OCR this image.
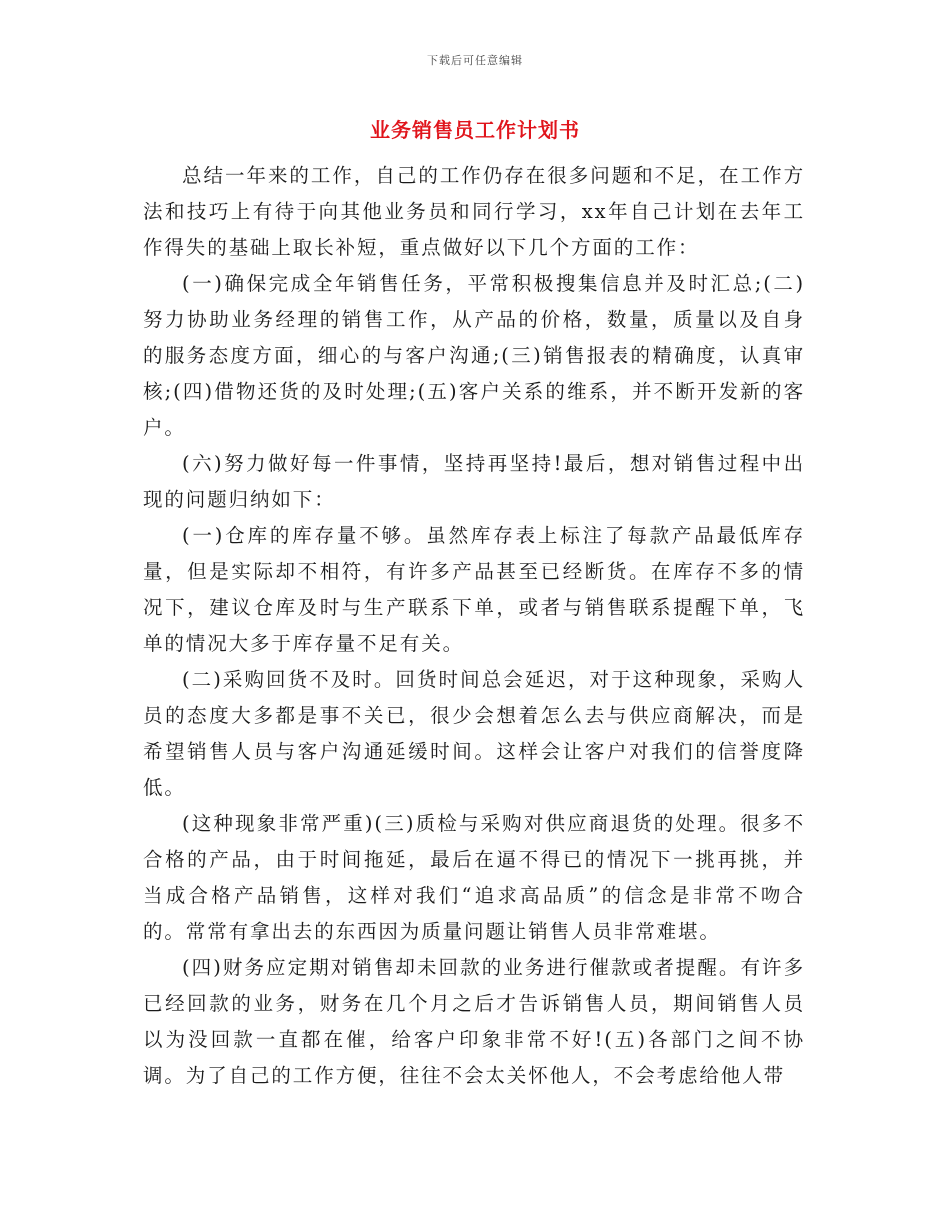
下载后可任意编辑
业务销售员工作计划书

总结一年来的工作，自己的工作仍存在很多问题和不足，在工作方法和技巧上有待于向其他业务员和同行学习，xx年自己计划在去年工作得失的基础上取长补短，重点做好以下几个方面的工作：

(一)确保完成全年销售任务，平常积极搜集信息并及时汇总;(二)努力协助业务经理的销售工作，从产品的价格，数量，质量以及自身的服务态度方面，细心的与客户沟通;(三)销售报表的精确度，认真审核;(四)借物还货的及时处理;(五)客户关系的维系，并不断开发新的客户。

(六)努力做好每一件事情，坚持再坚持!最后，想对销售过程中出现的问题归纳如下：

(一)仓库的库存量不够。虽然库存表上标注了每款产品最低库存量，但是实际却不相符，有许多产品甚至已经断货。在库存不多的情况下，建议仓库及时与生产联系下单，或者与销售联系提醒下单，飞单的情况大多于库存量不足有关。

(二)采购回货不及时。回货时间总会延迟，对于这种现象，采购人员的态度大多都是事不关已，很少会想着怎么去与供应商解决，而是希望销售人员与客户沟通延缓时间。这样会让客户对我们的信誉度降低。

(这种现象非常严重)(三)质检与采购对供应商退货的处理。很多不合格的产品，由于时间拖延，最后在逼不得已的情况下一挑再挑，并当成合格产品销售，这样对我们“追求高品质”的信念是非常不吻合的。常常有拿出去的东西因为质量问题让销售人员非常难堪。

(四)财务应定期对销售却未回款的业务进行催款或者提醒。有许多已经回款的业务，财务在几个月之后才告诉销售人员，期间销售人员以为没回款一直都在催，给客户印象非常不好!(五)各部门之间不协调。为了自己的工作方便，往往不会太关怀他人，不会考虑给他人带
